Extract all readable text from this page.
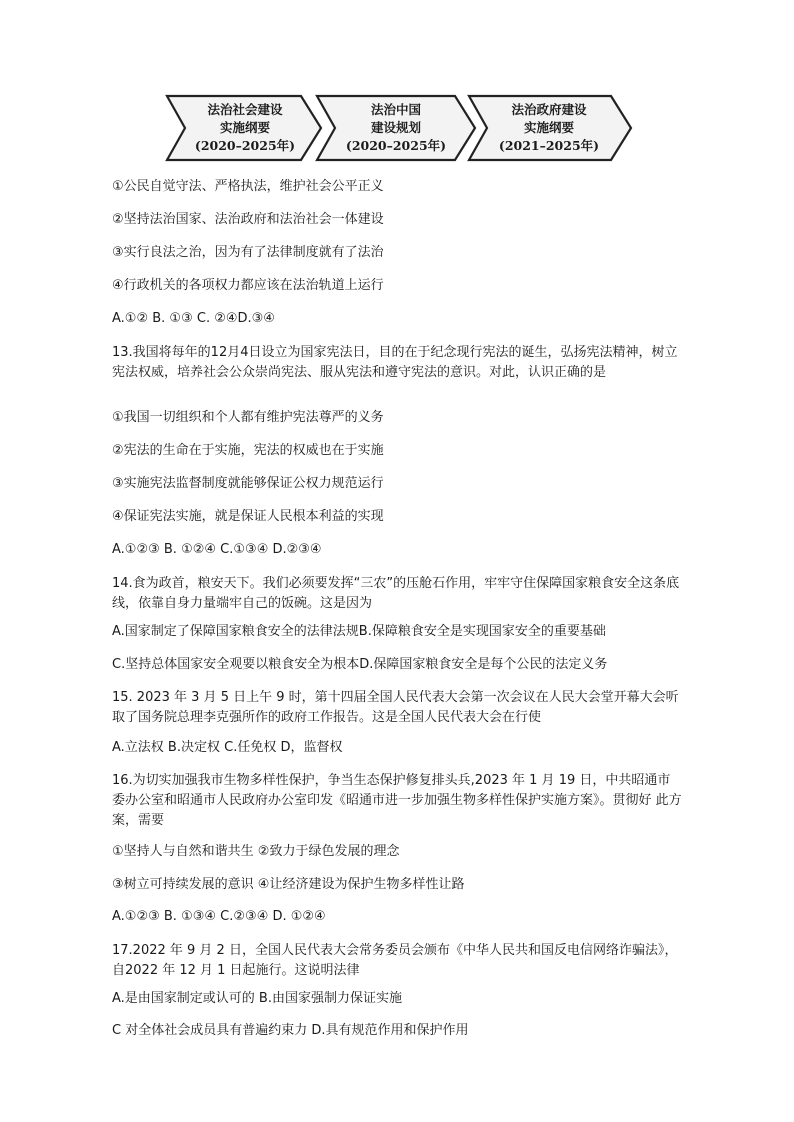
法治社会建设
实施纲要
(2020–2025年)
法治中国
建设规划
(2020–2025年)
法治政府建设
实施纲要
(2021–2025年)
①公民自觉守法、严格执法，维护社会公平正义
②坚持法治国家、法治政府和法治社会一体建设
③实行良法之治，因为有了法律制度就有了法治
④行政机关的各项权力都应该在法治轨道上运行
A.①② B. ①③ C. ②④D.③④
13.我国将每年的12月4日设立为国家宪法日，目的在于纪念现行宪法的诞生，弘扬宪法精神，树立宪法权威，培养社会公众崇尚宪法、服从宪法和遵守宪法的意识。对此，认识正确的是
①我国一切组织和个人都有维护宪法尊严的义务
②宪法的生命在于实施，宪法的权威也在于实施
③实施宪法监督制度就能够保证公权力规范运行
④保证宪法实施，就是保证人民根本利益的实现
A.①②③ B. ①②④ C.①③④ D.②③④
14.食为政首，粮安天下。我们必须要发挥“三农”的压舱石作用，牢牢守住保障国家粮食安全这条底线，依靠自身力量端牢自己的饭碗。这是因为
A.国家制定了保障国家粮食安全的法律法规B.保障粮食安全是实现国家安全的重要基础
C.坚持总体国家安全观要以粮食安全为根本D.保障国家粮食安全是每个公民的法定义务
15. 2023 年 3 月 5 日上午 9 时，第十四届全国人民代表大会第一次会议在人民大会堂开幕大会听取了国务院总理李克强所作的政府工作报告。这是全国人民代表大会在行使
A.立法权 B.决定权 C.任免权 D，监督权
16.为切实加强我市生物多样性保护，争当生态保护修复排头兵,2023 年 1 月 19 日，中共昭通市委办公室和昭通市人民政府办公室印发《昭通市进一步加强生物多样性保护实施方案》。贯彻好 此方案，需要
①坚持人与自然和谐共生 ②致力于绿色发展的理念
③树立可持续发展的意识 ④让经济建设为保护生物多样性让路
A.①②③ B. ①③④ C.②③④ D. ①②④
17.2022 年 9 月 2 日，全国人民代表大会常务委员会颁布《中华人民共和国反电信网络诈骗法》，自2022 年 12 月 1 日起施行。这说明法律
A.是由国家制定或认可的 B.由国家强制力保证实施
C 对全体社会成员具有普遍约束力 D.具有规范作用和保护作用
